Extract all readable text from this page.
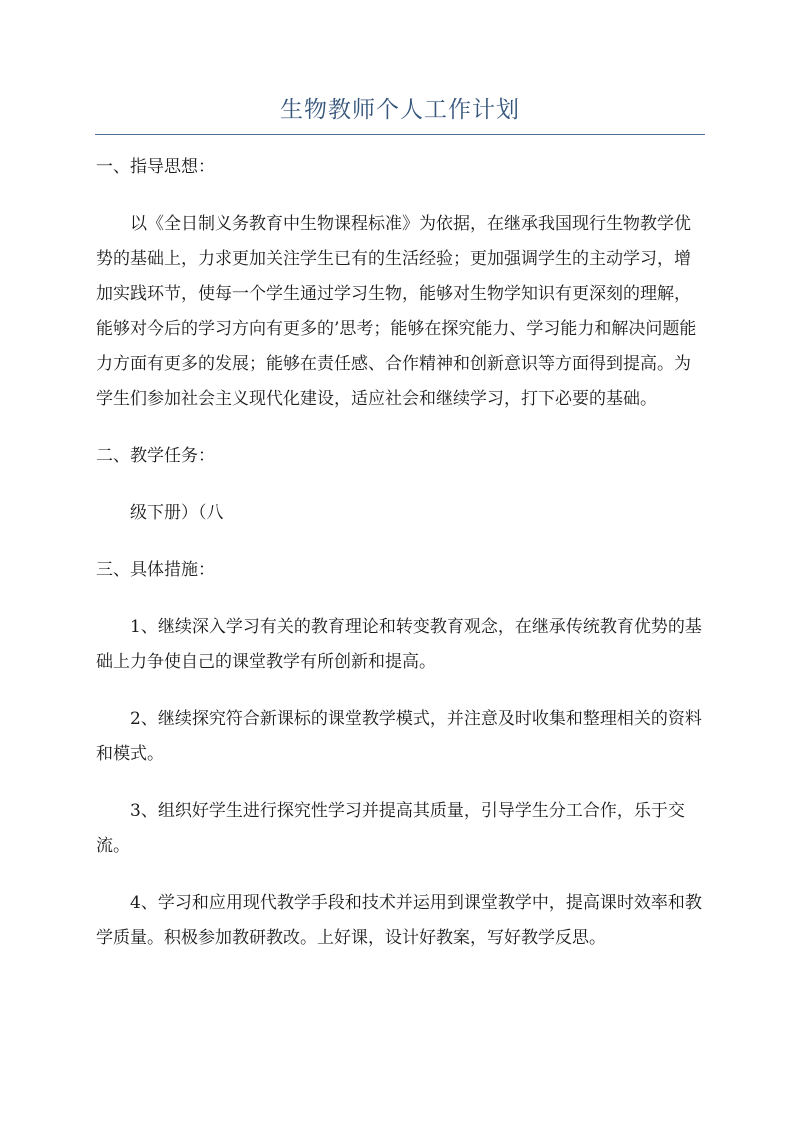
生物教师个人工作计划

一、指导思想：

以《全日制义务教育中生物课程标准》为依据，在继承我国现行生物教学优势的基础上，力求更加关注学生已有的生活经验；更加强调学生的主动学习，增加实践环节，使每一个学生通过学习生物，能够对生物学知识有更深刻的理解，能够对今后的学习方向有更多的’思考；能够在探究能力、学习能力和解决问题能力方面有更多的发展；能够在责任感、合作精神和创新意识等方面得到提高。为学生们参加社会主义现代化建设，适应社会和继续学习，打下必要的基础。

二、教学任务：

级下册）（八

三、具体措施：

1、继续深入学习有关的教育理论和转变教育观念，在继承传统教育优势的基础上力争使自己的课堂教学有所创新和提高。

2、继续探究符合新课标的课堂教学模式，并注意及时收集和整理相关的资料和模式。

3、组织好学生进行探究性学习并提高其质量，引导学生分工合作，乐于交流。

4、学习和应用现代教学手段和技术并运用到课堂教学中，提高课时效率和教学质量。积极参加教研教改。上好课，设计好教案，写好教学反思。
